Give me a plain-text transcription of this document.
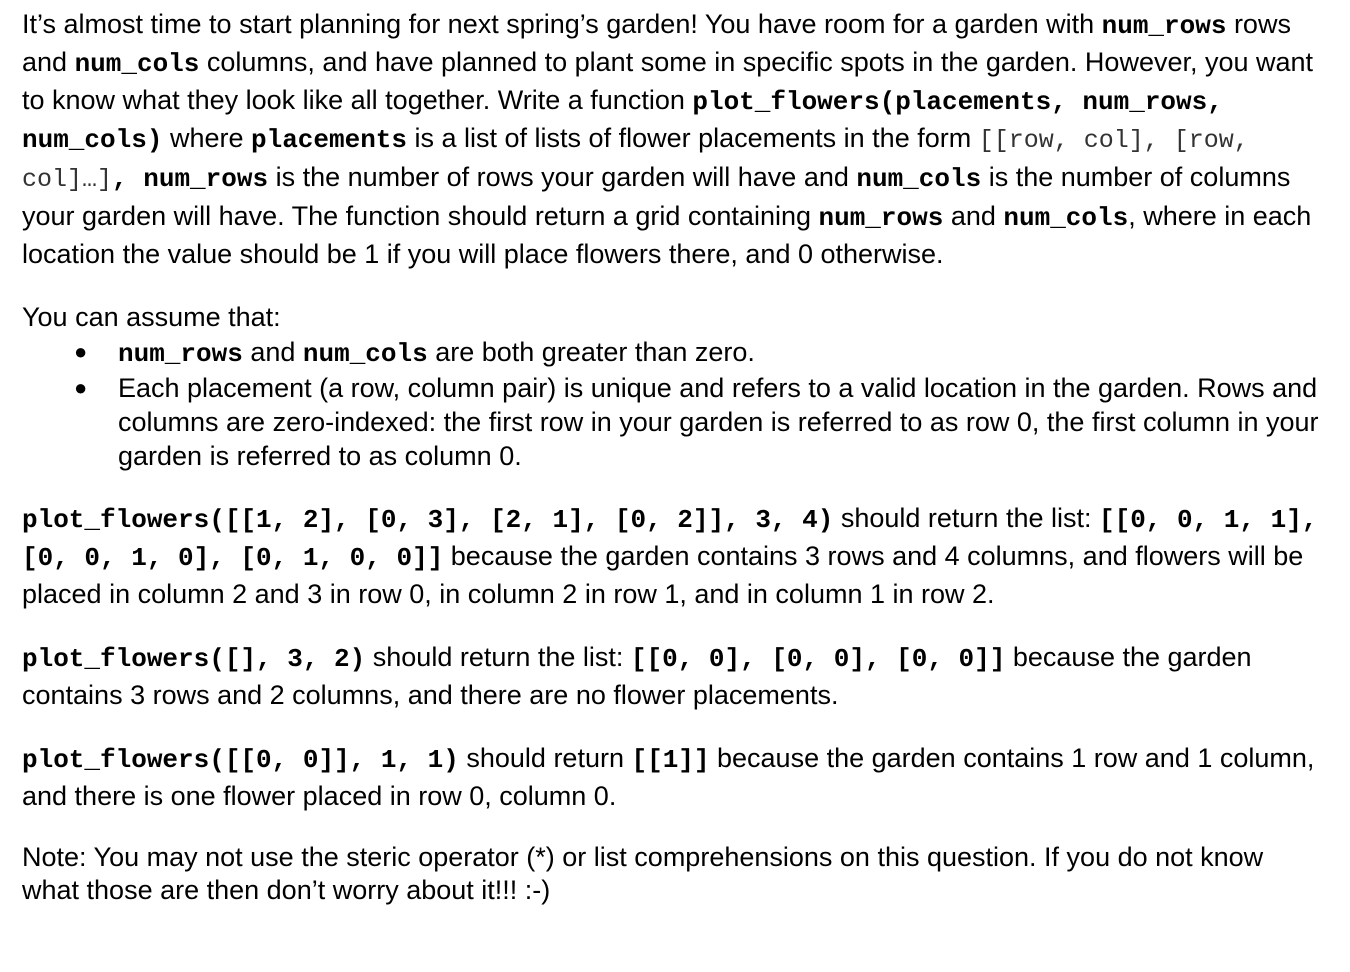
It’s almost time to start planning for next spring’s garden! You have room for a garden with num_rows rows and num_cols columns, and have planned to plant some in specific spots in the garden. However, you want to know what they look like all together. Write a function plot_flowers(placements, num_rows, num_cols) where placements is a list of lists of flower placements in the form [[row, col], [row, col]…], num_rows is the number of rows your garden will have and num_cols is the number of columns your garden will have. The function should return a grid containing num_rows and num_cols, where in each location the value should be 1 if you will place flowers there, and 0 otherwise.

You can assume that:

● num_rows and num_cols are both greater than zero.
● Each placement (a row, column pair) is unique and refers to a valid location in the garden. Rows and columns are zero-indexed: the first row in your garden is referred to as row 0, the first column in your garden is referred to as column 0.

plot_flowers([[1, 2], [0, 3], [2, 1], [0, 2]], 3, 4) should return the list: [[0, 0, 1, 1], [0, 0, 1, 0], [0, 1, 0, 0]] because the garden contains 3 rows and 4 columns, and flowers will be placed in column 2 and 3 in row 0, in column 2 in row 1, and in column 1 in row 2.

plot_flowers([], 3, 2) should return the list: [[0, 0], [0, 0], [0, 0]] because the garden contains 3 rows and 2 columns, and there are no flower placements.

plot_flowers([[0, 0]], 1, 1) should return [[1]] because the garden contains 1 row and 1 column, and there is one flower placed in row 0, column 0.

Note: You may not use the steric operator (*) or list comprehensions on this question. If you do not know what those are then don’t worry about it!!! :-)
